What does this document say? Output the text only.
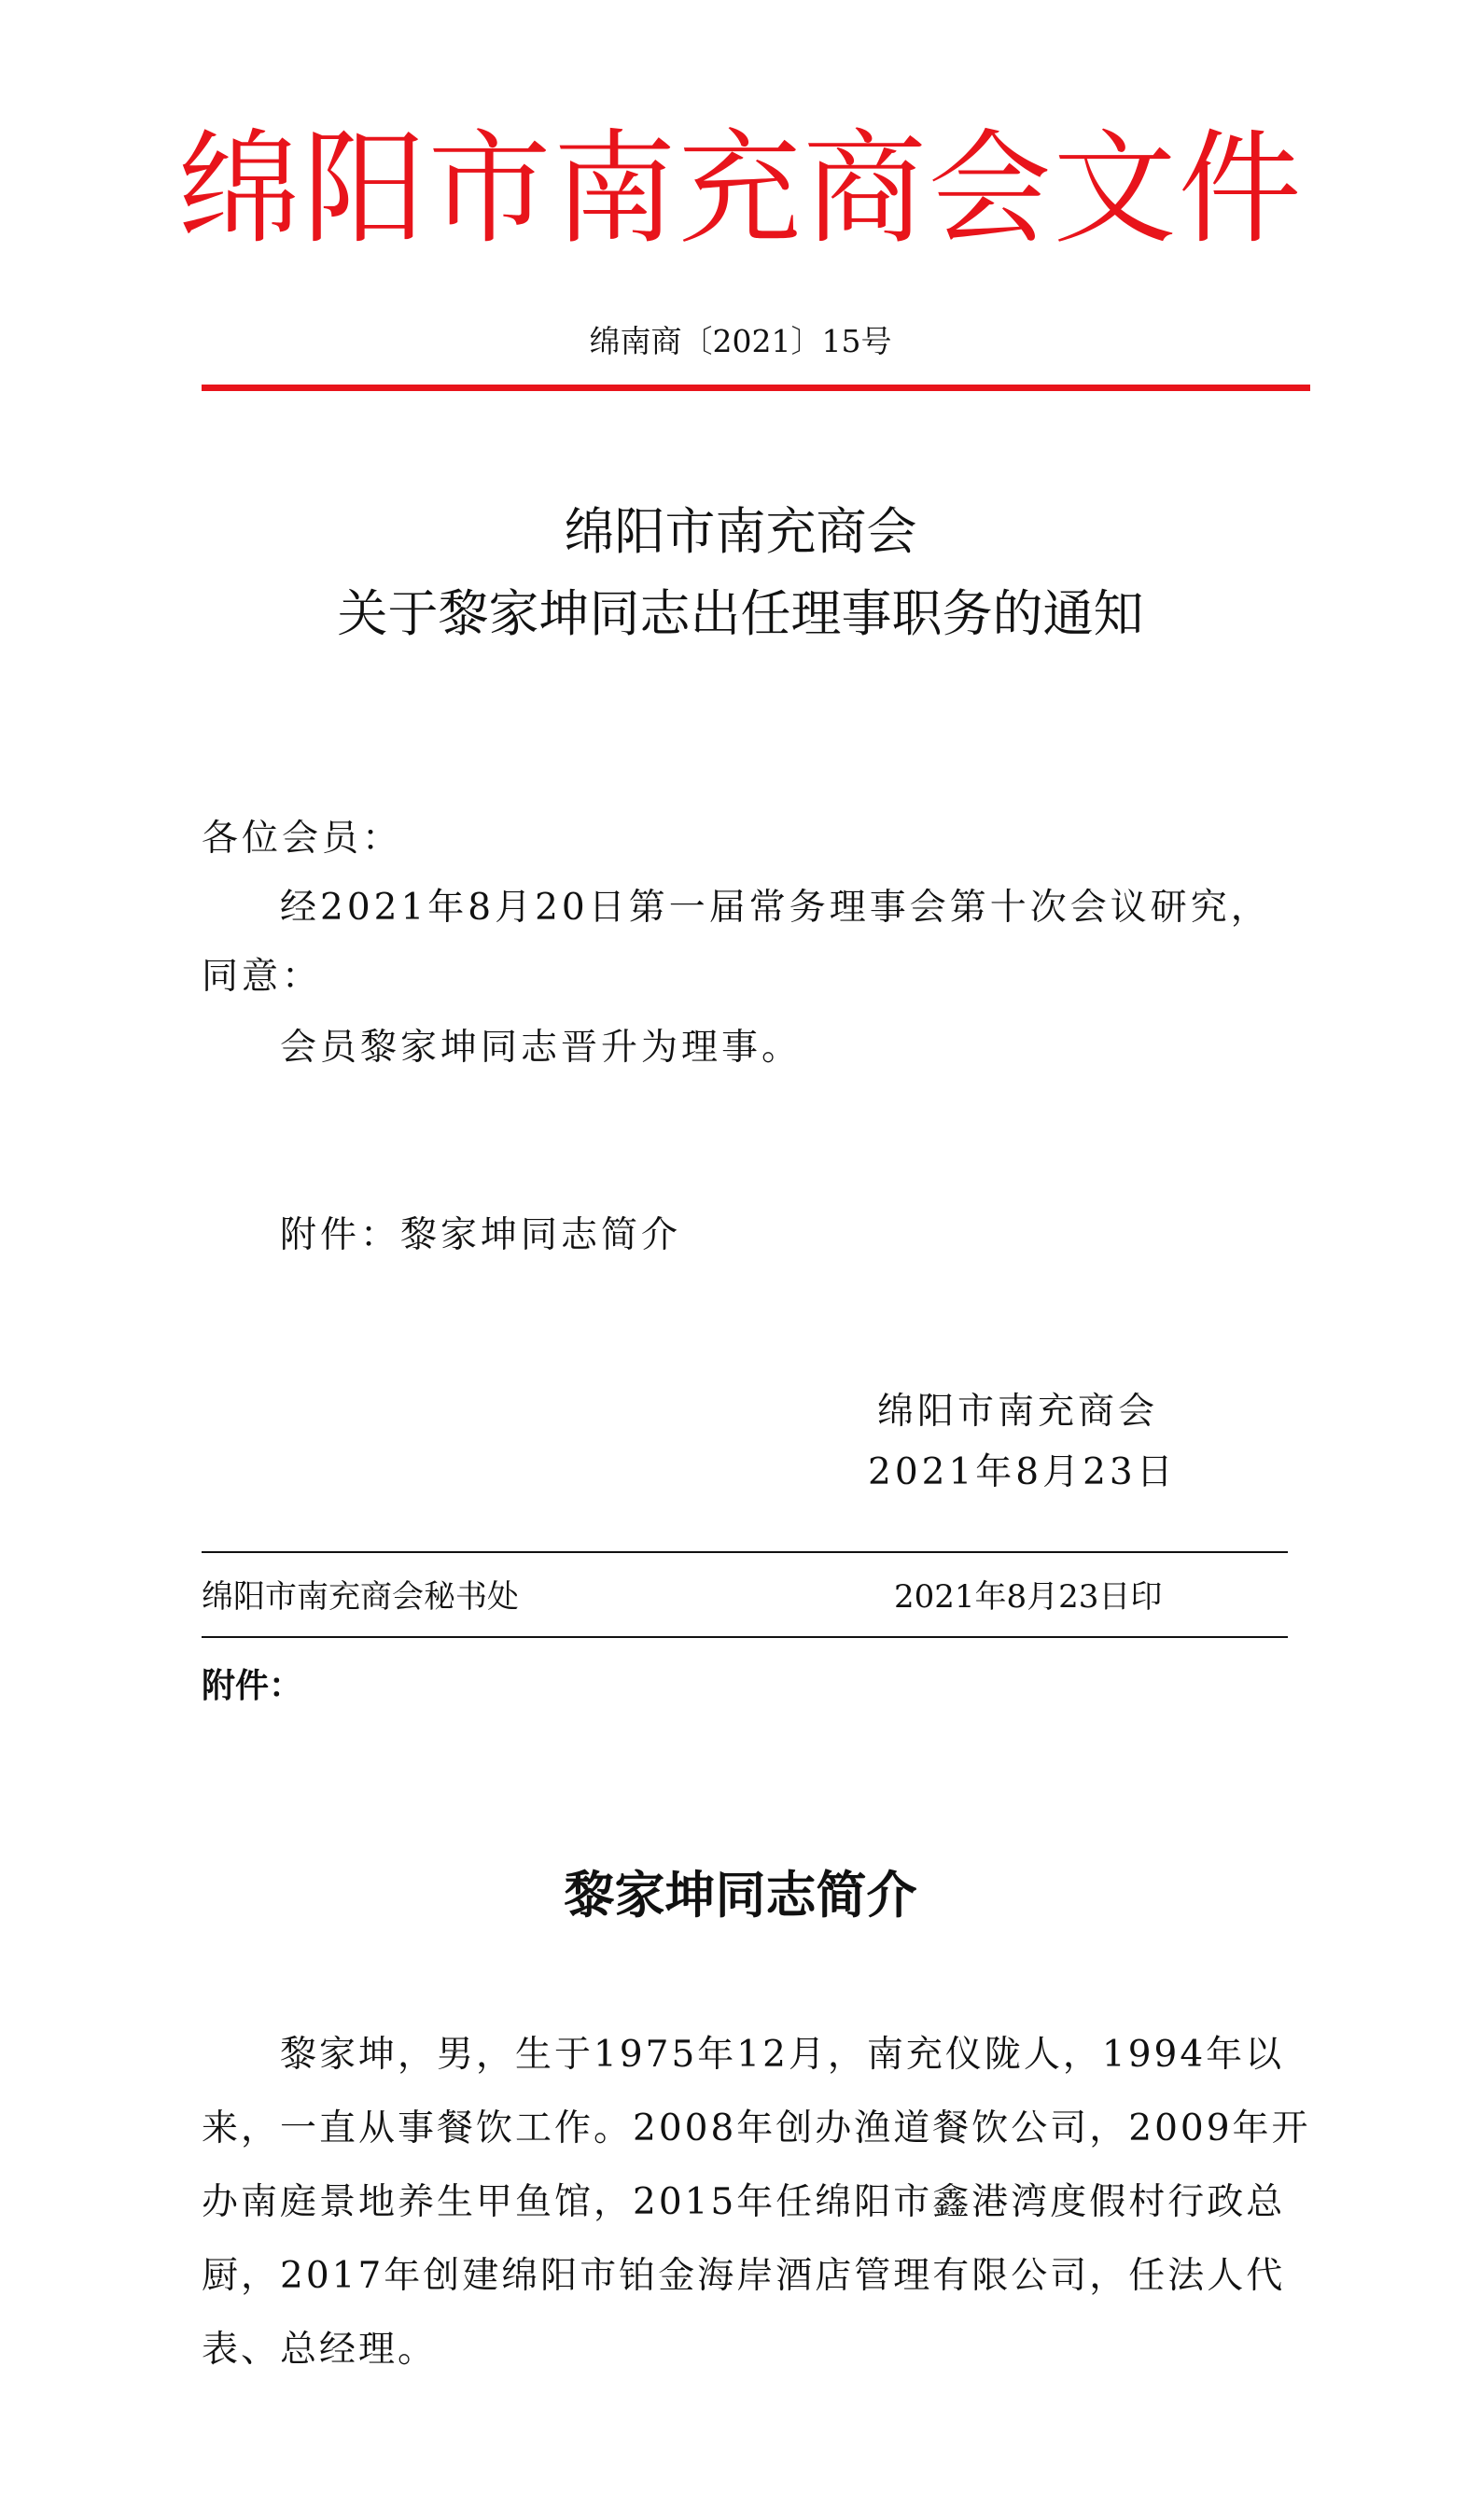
绵阳市南充商会文件
绵南商〔2021〕15号
绵阳市南充商会
关于黎家坤同志出任理事职务的通知
各位会员：
经2021年8月20日第一届常务理事会第十次会议研究，
同意：
会员黎家坤同志晋升为理事。
附件：黎家坤同志简介
绵阳市南充商会
2021年8月23日
绵阳市南充商会秘书处	2021年8月23日印
附件：
黎家坤同志简介
黎家坤，男，生于1975年12月，南充仪陇人，1994年以
来，一直从事餐饮工作。2008年创办渔道餐饮公司，2009年开
办南庭景地养生甲鱼馆，2015年任绵阳市鑫港湾度假村行政总
厨，2017年创建绵阳市铂金海岸酒店管理有限公司，任法人代
表、总经理。
